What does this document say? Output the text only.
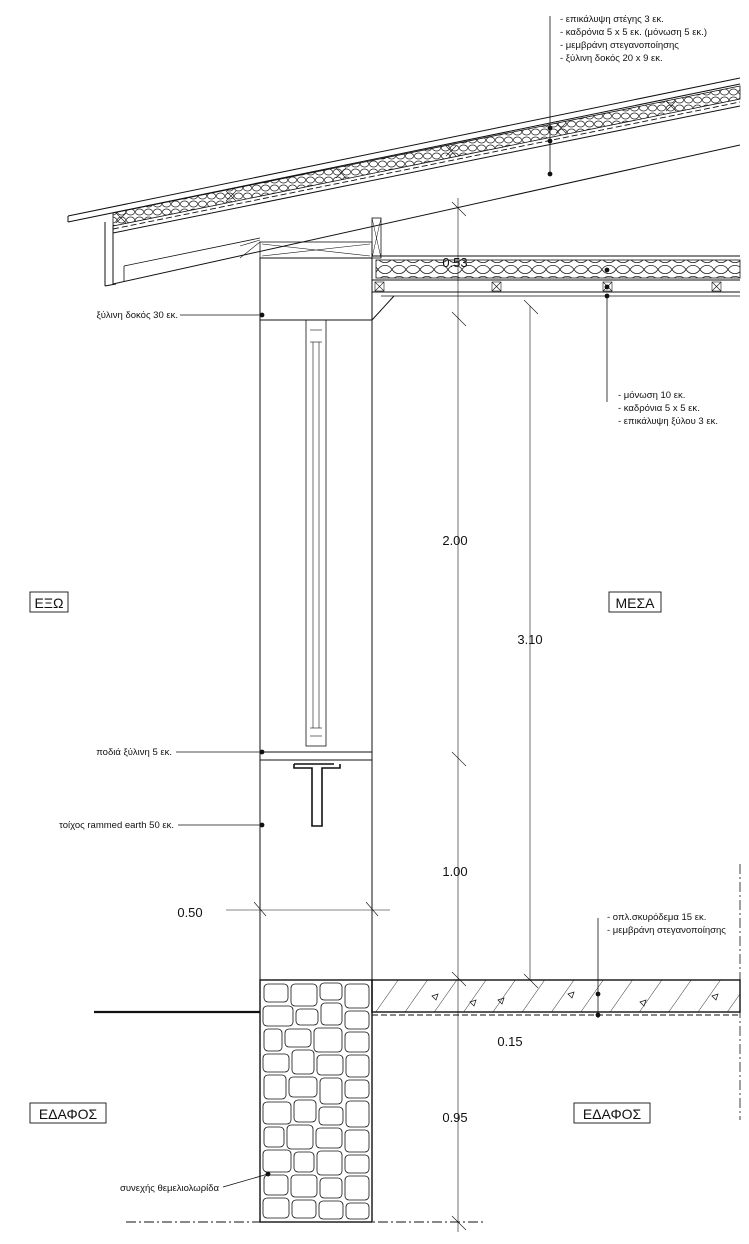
- επικάλυψη στέγης 3 εκ.
- καδρόνια 5 x 5 εκ. (μόνωση 5 εκ.)
- μεμβράνη στεγανοποίησης
- ξύλινη δοκός 20 x 9 εκ.
- μόνωση 10 εκ.
- καδρόνια 5 x 5 εκ.
- επικάλυψη ξύλου 3 εκ.
- οπλ.σκυρόδεμα 15 εκ.
- μεμβράνη στεγανοποίησης
ξύλινη δοκός 30 εκ.
ποδιά ξύλινη 5 εκ.
τοίχος rammed earth 50 εκ.
συνεχής θεμελιολωρίδα
0.53
2.00
3.10
1.00
0.50
0.15
0.95
ΕΞΩ	ΜΕΣΑ
ΕΔΑΦΟΣ	ΕΔΑΦΟΣ
